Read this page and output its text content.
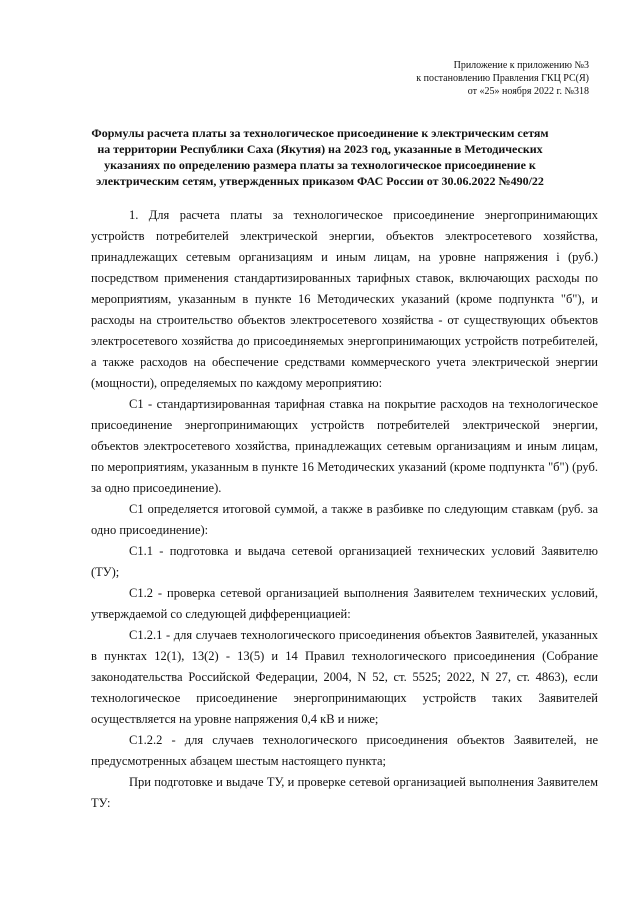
Приложение к приложению №3
к постановлению Правления ГКЦ РС(Я)
от «25» ноября 2022 г. №318
Формулы расчета платы за технологическое присоединение к электрическим сетям на территории Республики Саха (Якутия) на 2023 год, указанные в Методических указаниях по определению размера платы за технологическое присоединение к электрическим сетям, утвержденных приказом ФАС России от 30.06.2022 №490/22

1. Для расчета платы за технологическое присоединение энергопринимающих устройств потребителей электрической энергии, объектов электросетевого хозяйства, принадлежащих сетевым организациям и иным лицам, на уровне напряжения i (руб.) посредством применения стандартизированных тарифных ставок, включающих расходы по мероприятиям, указанным в пункте 16 Методических указаний (кроме подпункта "б"), и расходы на строительство объектов электросетевого хозяйства - от существующих объектов электросетевого хозяйства до присоединяемых энергопринимающих устройств потребителей, а также расходов на обеспечение средствами коммерческого учета электрической энергии (мощности), определяемых по каждому мероприятию:

С1 - стандартизированная тарифная ставка на покрытие расходов на технологическое присоединение энергопринимающих устройств потребителей электрической энергии, объектов электросетевого хозяйства, принадлежащих сетевым организациям и иным лицам, по мероприятиям, указанным в пункте 16 Методических указаний (кроме подпункта "б") (руб. за одно присоединение).

С1 определяется итоговой суммой, а также в разбивке по следующим ставкам (руб. за одно присоединение):

С1.1 - подготовка и выдача сетевой организацией технических условий Заявителю (ТУ);

С1.2 - проверка сетевой организацией выполнения Заявителем технических условий, утверждаемой со следующей дифференциацией:

С1.2.1 - для случаев технологического присоединения объектов Заявителей, указанных в пунктах 12(1), 13(2) - 13(5) и 14 Правил технологического присоединения (Собрание законодательства Российской Федерации, 2004, N 52, ст. 5525; 2022, N 27, ст. 4863), если технологическое присоединение энергопринимающих устройств таких Заявителей осуществляется на уровне напряжения 0,4 кВ и ниже;

С1.2.2 - для случаев технологического присоединения объектов Заявителей, не предусмотренных абзацем шестым настоящего пункта;

При подготовке и выдаче ТУ, и проверке сетевой организацией выполнения Заявителем ТУ:
